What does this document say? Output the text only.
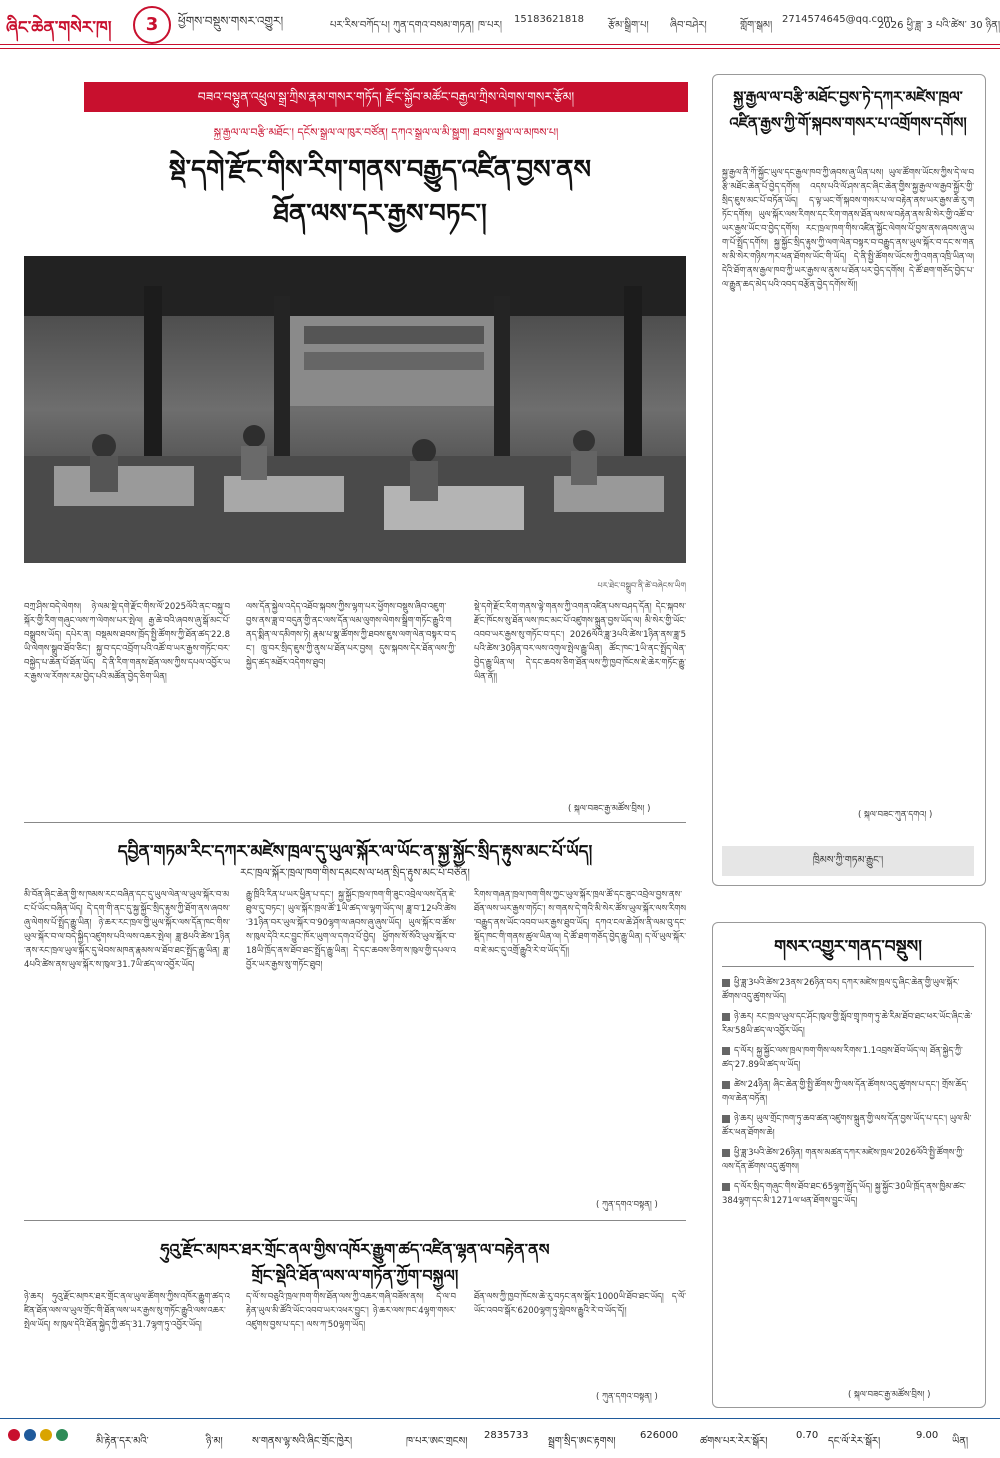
ཞིང་ཆེན་གསེར་ཁ།	3	ཕྱོགས་བསྡུས་གསར་འགྱུར།	པར་རིས་བཀོད་པ། ཀུན་དགའ་བསམ་གཏན། ཁ་པར།
15183621818
རྩོམ་སྒྲིག་པ། ཞིབ་བཤེར།	གློག་སྒམ།
2714574645@qq.com
2026 ཕྱི་ཟླ་ 3 པའི་ཚེས་ 30 ཉིན།
བཟའ་བསྟུན་འཕྲུལ་སྒྲ་ཀྲིས་རྣམ་གསར་གཏོད། རྫོང་སྐྱོབ་མཚོང་བརྒྱལ་ཀྲིས་ལེགས་གསར་རྩོམ།
སྐྱ་རྒྱལ་ལ་བརྩི་མཐོང་། དངོས་སྒྲལ་ལ་ཁུར་བཙོན། དཀའ་སྒྲལ་ལ་མི་སྒྱུག། ཐབས་སྒྲལ་ལ་མཁས་པ།
སྡེ་དགེ་རྫོང་གིས་རིག་གནས་བརྒྱུད་འཛིན་བྱས་ནས
ཐོན་ལས་དར་རྒྱས་བཏང་།
པར་ཐེང་བསྒྲུབ་ནི་ཚེ་བཞེངས་ཡིག
བཀྲ་ཤིས་བདེ་ལེགས། ཉེ་ལམ་སྡེ་དགེ་རྫོང་གིས་ལོ་2025ལོའི་ནང་བསྐུ་བསྐོར་གྱི་རིག་གཞུང་ལས་ཀ་ལེགས་པར་སྤེལ། རྒྱ་ཆེ་བའི་ཞབས་ཞུ་སྒོ་མང་པོ་བསྒྲུབས་ཡོད། དཔེར་ན། བསྡམས་ཐབས་ཁྲོད་སྤྱི་ཚོགས་ཀྱི་ཐོན་ཚད་22.8ཡི་ལེགས་སྒྲུབ་ཐོབ་ཅིང་། སྐྱ་བ་དང་འབྲོག་པའི་འཚོ་བ་ཡར་རྒྱས་གཏོང་བར་བསྐྱེད་པ་ཆེན་པོ་ཐོན་ཡོད། དེ་ནི་རིག་གནས་ཐོན་ལས་ཀྱིས་དཔལ་འབྱོར་ཡར་རྒྱས་ལ་རོགས་རམ་བྱེད་པའི་མཚོན་བྱེད་ཅིག་ཡིན།
ལས་དོན་སྐྱེལ་འདེད་འཐོབ་སྐབས་ཀྱིས་ལྷག་པར་ཕྱོགས་བསྡུས་ཞིབ་འཇུག་བྱས་ནས་ཟླ་བ་བདུན་གྱི་ནང་ལས་དོན་ལམ་ལུགས་ལེགས་སྒྲིག་གཏོང་རྒྱུའི་གནད་སྨིན་ལ་དམིགས་ཏེ། རྣམ་པ་སྣ་ཚོགས་ཀྱི་ཐབས་ཇུས་ལག་ལེན་བསྟར་བ་དང་། ཁྲུ་བར་སྲིད་ཇུས་ཀྱི་ནུས་པ་ཐོན་པར་བྱས། དུས་སྐབས་དེར་ཐོན་ལས་ཀྱི་སྐྱེད་ཚད་མཐོར་འདེགས་ཐུབ།
སྡེ་དགེ་རྫོང་རིག་གནས་ལྟེ་གནས་ཀྱི་འགན་འཛིན་པས་བཤད་དོན། དེང་སྐབས་རྫོང་ཁོངས་སུ་ཐོན་ལས་ཁང་མང་པོ་འཛུགས་སྐྲུན་བྱས་ཡོད་ལ། མི་སེར་གྱི་ཡོང་འབབ་ཡར་རྒྱས་སུ་གཏོང་བ་དང་། 2026ལོའི་ཟླ་3པའི་ཚེས་1ཉིན་ནས་ཟླ་5པའི་ཚེས་30ཉིན་བར་ལས་འགུལ་སྤེལ་རྒྱུ་ཡིན། ཚོང་ཁང་1ཡི་ནང་སྤྲོད་ལེན་བྱེད་རྒྱུ་ཡིན་ལ། དེ་དང་ཆབས་ཅིག་ཐོན་ལས་ཀྱི་ཁྱབ་ཁོངས་ཇེ་ཆེར་གཏོང་རྒྱུ་ཡིན་ནོ།།
( སྐལ་བཟང་རྒྱ་མཚོས་བྲིས། )
དབྱིན་གཏམ་རིང་དཀར་མཛེས་ཁྲལ་དུ་ཡུལ་སྐོར་ལ་ཡོང་ན་སྐྱ་སྐྱོང་སྲིད་རྟུས་མང་པོ་ཡོད།
རང་ཁྲལ་སྐོར་ཁྲལ་ཁག་གིས་དམངས་ལ་ཕན་སྲིད་རྟུས་མང་པོ་བཙོན།
མི་བོན་ཞིང་ཆེན་གྱི་ས་ཁམས་རང་བཞིན་དང་དུ་ཡུལ་ལེན་ལ་ཡུལ་སྐོར་བ་མང་པོ་ཡོང་བཞིན་ཡོད། དེ་དག་གི་ནང་དུ་སྐྱ་སྐྱོང་སྲིད་རྟུས་ཀྱི་ཐོག་ནས་ཞབས་ཞུ་ལེགས་པོ་སྤྲོད་རྒྱུ་ཡིན། ཉེ་ཆར་རང་ཁྲལ་གྱི་ཡུལ་སྐོར་ལས་དོན་ཁང་གིས་ཡུལ་སྐོར་བ་ལ་བདེ་སྐྱིད་འཛུགས་པའི་ལས་འཆར་སྤེལ། ཟླ་8པའི་ཚེས་1ཉིན་ནས་རང་ཁྲལ་ཡུལ་སྐོར་དུ་ཕེབས་མཁན་རྣམས་ལ་ཐོབ་ཐང་སྤྲོད་རྒྱུ་ཡིན། ཟླ་4པའི་ཚེས་ནས་ཡུལ་སྐོར་ས་ཁུལ་31.7ཡི་ཚད་ལ་འབྱོར་ཡོད།
རྒྱུ་ཁྲིའི་རིན་པ་ཡར་ཕྱིན་པ་དང་། སྐྱ་སྐྱོང་ཁྲལ་ཁག་གི་ཟུང་འབྲེལ་ལས་དོན་ཇེ་ཐུལ་དུ་བཏང་། ཡུལ་སྐོར་ཁྲལ་ཚོ་1ཡི་ཚད་ལ་ལྷག་ཡོད་ལ། ཟླ་བ་12པའི་ཚེས་31ཉིན་བར་ཡུལ་སྐོར་བ་90ལྷག་ལ་ཞབས་ཞུ་ཞུས་ཡོད། ཡུལ་སྐོར་བ་ཚོས་ས་ཁུལ་དེའི་རང་བྱུང་ཁོར་ཡུག་ལ་དགའ་པོ་བྱེད། ཕྱོགས་སོ་སོའི་ཡུལ་སྐོར་བ་18ཡི་ཁྲོད་ནས་ཐོབ་ཐང་སྤྲོད་རྒྱུ་ཡིན། དེ་དང་ཆབས་ཅིག་ས་ཁུལ་གྱི་དཔལ་འབྱོར་ཡར་རྒྱས་སུ་གཏོང་ཐུབ།
རིགས་གཞན་ཁྲལ་ཁག་གིས་ཀྱང་ཡུལ་སྐོར་ཁྲལ་ཚོ་དང་ཟུང་འབྲེལ་བྱས་ནས་ཐོན་ལས་ཡར་རྒྱས་གཏོང་། ས་གནས་དེ་གའི་མི་སེར་ཚོས་ཡུལ་སྐོར་ལས་རིགས་བརྒྱུད་ནས་ཡོང་འབབ་ཡར་རྒྱས་ཐུབ་ཡོད། དཀའ་ངལ་ཆེ་ཤོས་ནི་ལམ་བུ་དང་སྡོད་ཁང་གི་གནས་ཚུལ་ཡིན་ལ། དེ་ཚོ་ཐག་གཅོད་བྱེད་རྒྱུ་ཡིན། ད་ལོ་ཡུལ་སྐོར་བ་ཇེ་མང་དུ་འགྲོ་རྒྱུའི་རེ་བ་ཡོད་དོ།།
( ཀུན་དགའ་བསྟན། )
ཧུའུ་རྫོང་མཁར་ཐར་གྲོང་ནལ་གྱིས་འཁོར་རྒྱུག་ཚད་འཛིན་ལྷན་ལ་བརྟེན་ནས
གྲོང་སྡེའི་ཐོན་ལས་ལ་གཏོན་ཀྱོག་བསྐྱལ།
ཉེ་ཆར། ཧུའུ་རྫོང་མཁར་ཐར་གྲོང་ནལ་ཡུལ་ཚོགས་ཀྱིས་འཁོར་རྒྱུག་ཚད་འཛིན་ཐོན་ལས་ལ་ཡུལ་གྲོང་གི་ཐོན་ལས་ཡར་རྒྱས་སུ་གཏོང་རྒྱུའི་ལས་འཆར་སྤེལ་ཡོད། ས་ཁུལ་དེའི་ཐོན་སྐྱེད་ཀྱི་ཚད་31.7ལྷག་ཏུ་འབྱོར་ཡོད།
ད་ལོ་ས་བཅུའི་ཁྲལ་ཁག་གིས་ཐོན་ལས་ཀྱི་འཆར་གཞི་བཟོས་ནས། དེ་ལ་བརྟེན་ཡུལ་མི་ཚོའི་ཡོང་འབབ་ཡར་འཕར་བྱུང་། ཉེ་ཆར་ལས་ཁང་4ལྷག་གསར་འཛུགས་བྱས་པ་དང་། ལས་ཀ་50ལྷག་ཡོད།
ཐོན་ལས་ཀྱི་ཁྱབ་ཁོངས་ཆེ་རུ་བཏང་ནས་སྒོར་1000ཡི་ཐོབ་ཐང་ཡོད། ད་ལོ་ཡོང་འབབ་སྒོར་6200ལྷག་ཏུ་སླེབས་རྒྱུའི་རེ་བ་ཡོད་དོ།།
( ཀུན་དགའ་བསྟན། )
སྐྱ་རྒྱལ་ལ་བརྩི་མཐོང་བྱས་ཏེ་དཀར་མཛེས་ཁྲལ་འཛིན་རྒྱས་ཀྱི་གོ་སྐབས་གསར་པ་འགྲོགས་དགོས།
སྐྱ་རྒྱལ་ནི་ཀོ་སྐྱོང་ཡུལ་དང་རྒྱལ་ཁབ་ཀྱི་ཞབས་ཞུ་ཡིན་པས། ཡུལ་ཚོགས་ཡོངས་ཀྱིས་དེ་ལ་བརྩི་མཐོང་ཆེན་པོ་བྱེད་དགོས། འདས་པའི་ལོ་ཤས་ནང་ཞིང་ཆེན་གྱིས་སྐྱ་རྒྱལ་ལ་རྒྱབ་སྐྱོར་གྱི་སྲིད་ཇུས་མང་པོ་བཏོན་ཡོད། ད་ལྟ་ཡང་གོ་སྐབས་གསར་པ་ལ་བརྟེན་ནས་ཡར་རྒྱས་ཆེ་རུ་གཏོང་དགོས། ཡུལ་སྐོར་ལས་རིགས་དང་རིག་གནས་ཐོན་ལས་ལ་བརྟེན་ནས་མི་སེར་གྱི་འཚོ་བ་ཡར་རྒྱས་ཡོང་བ་བྱེད་དགོས། རང་ཁྲལ་ཁག་གིས་འཛིན་སྐྱོང་ལེགས་པོ་བྱས་ནས་ཞབས་ཞུ་ཡག་པོ་སྤྲོད་དགོས། སྐྱ་སྐྱོང་སྲིད་རྟུས་ཀྱི་ལག་ལེན་བསྟར་བ་བརྒྱུད་ནས་ཡུལ་སྐོར་བ་དང་ས་གནས་མི་སེར་གཉིས་ཀར་ཕན་ཐོགས་ཡོང་གི་ཡོད། དེ་ནི་སྤྱི་ཚོགས་ཡོངས་ཀྱི་འགན་འཁྲི་ཡིན་ལ། དེའི་ཐོག་ནས་རྒྱལ་ཁབ་ཀྱི་ཡར་རྒྱས་ལ་ནུས་པ་ཐོན་པར་བྱེད་དགོས། དེ་ཚོ་ཐག་གཅོད་བྱེད་པ་ལ་རྒྱུན་ཆད་མེད་པའི་འབད་བརྩོན་བྱེད་དགོས་སོ།།
( སྐལ་བཟང་ཀུན་དགའ། )
ཁྲིམས་ཀྱི་གཏམ་རྒྱུང་།
གསར་འགྱུར་གནད་བསྡུས།
ཕྱི་ཟླ་3པའི་ཚེས་23ནས་26ཉིན་བར། དཀར་མཛེས་ཁྲལ་དུ་ཞིང་ཆེན་གྱི་ཡུལ་སྐོར་ཚོགས་འདུ་ཚུགས་ཡོད།
ཉེ་ཆར། རང་ཁྲལ་ཡུལ་དང་ཤོང་ཁུལ་གྱི་སློབ་གྲྭ་ཁག་ཏུ་ཆེ་རིམ་ཐོབ་ཐང་ཕར་ཡོང་ཞིང་ཆེ་རིམ་58ཡི་ཚད་ལ་འབྱོར་ཡོད།
ད་ལོར། སྐྱ་སྐྱོང་ལས་ཁྲལ་ཁག་གིས་ལས་རིགས་1.1འབྲས་ཐོབ་ཡོད་ལ། ཐོན་སྐྱེད་ཀྱི་ཚད་27.89ཡི་ཚད་ལ་ཡོད།
ཚེས་24ཉིན། ཞིང་ཆེན་གྱི་སྤྱི་ཚོགས་ཀྱི་ལས་དོན་ཚོགས་འདུ་ཚུགས་པ་དང་། གྲོས་ཆོད་གལ་ཆེན་བཏོན།
ཉེ་ཆར། ཡུལ་གྲོང་ཁག་ཏུ་ཆབ་ཚན་འཛུགས་སྐྲུན་གྱི་ལས་དོན་བྱས་ཡོད་པ་དང་། ཡུལ་མི་ཚོར་ཕན་ཐོགས་ཆེ།
ཕྱི་ཟླ་3པའི་ཚེས་26ཉིན། གནས་མཚན་དཀར་མཛེས་ཁྲལ་2026ལོའི་སྤྱི་ཚོགས་ཀྱི་ལས་དོན་ཚོགས་འདུ་ཚུགས།
ད་ལོར་སྲིད་གཞུང་གིས་ཐོབ་ཐང་65ལྷག་སྤྲོད་ཡོད། སྐྱ་སྐྱོང་30ཡི་ཁྲོད་ནས་ཁྱིམ་ཚང་384ལྷག་དང་མི་1271ལ་ཕན་ཐོགས་བྱུང་ཡོད།
( སྐལ་བཟང་རྒྱ་མཚོས་བྲིས། )
མི་རྟེན་དར་མའི་	ཉི་མ།	ས་གནས་ལྷ་སའི་ཞིང་གྲོང་ཁྱེར།	ཁ་པར་ཨང་གྲངས།
2835733
སྦྲག་སྲིད་ཨང་རྟགས།
626000
ཚགས་པར་རེར་སྒོར།
0.70
དང་ལོ་རེར་སྒོར།
9.00
ཡིན།
